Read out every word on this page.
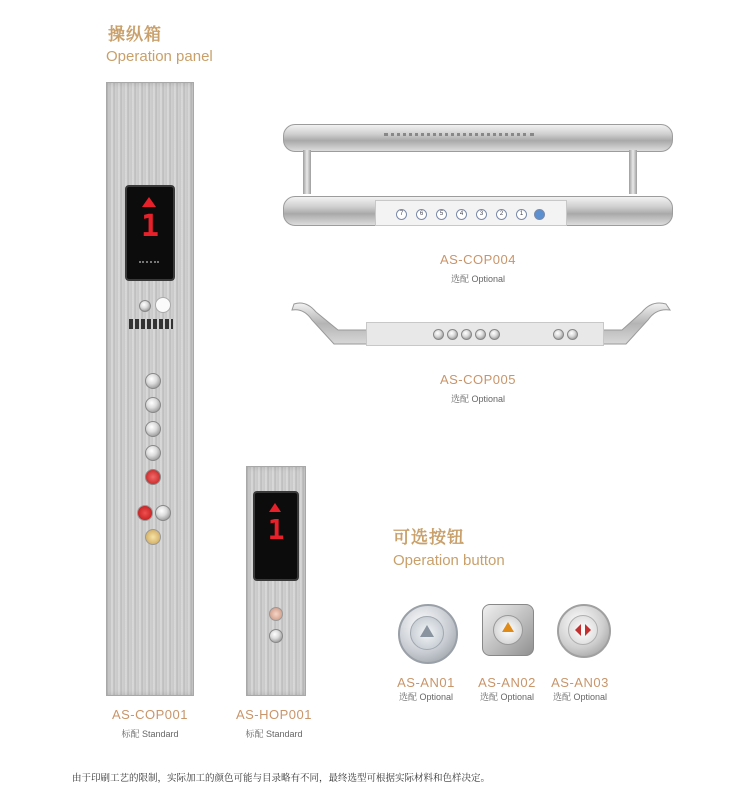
操纵箱
Operation panel
1
AS-COP001
标配 Standard
1
AS-HOP001
标配 Standard
7	6	5	4	3	2	1
AS-COP004
选配 Optional
AS-COP005
选配 Optional
可选按钮
Operation button
AS-AN01
选配 Optional
AS-AN02
选配 Optional
AS-AN03
选配 Optional
由于印刷工艺的限制，实际加工的颜色可能与目录略有不同，最终选型可根据实际材料和色样决定。
